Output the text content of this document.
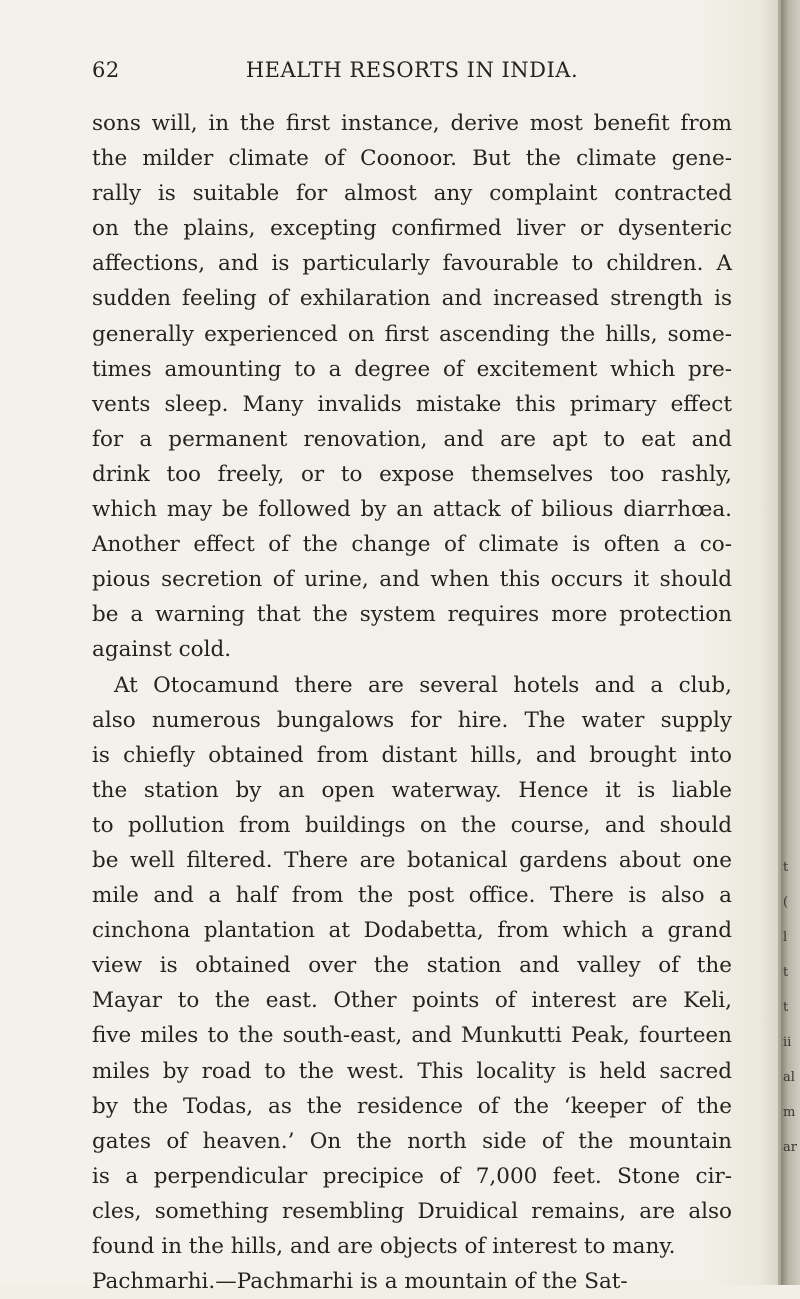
62	HEALTH RESORTS IN INDIA.
sons will, in the first instance, derive most benefit from
the milder climate of Coonoor. But the climate gene-
rally is suitable for almost any complaint contracted
on the plains, excepting confirmed liver or dysenteric
affections, and is particularly favourable to children. A
sudden feeling of exhilaration and increased strength is
generally experienced on first ascending the hills, some-
times amounting to a degree of excitement which pre-
vents sleep. Many invalids mistake this primary effect
for a permanent renovation, and are apt to eat and
drink too freely, or to expose themselves too rashly,
which may be followed by an attack of bilious diarrhœa.
Another effect of the change of climate is often a co-
pious secretion of urine, and when this occurs it should
be a warning that the system requires more protection
against cold.
At Otocamund there are several hotels and a club,
also numerous bungalows for hire. The water supply
is chiefly obtained from distant hills, and brought into
the station by an open waterway. Hence it is liable
to pollution from buildings on the course, and should
be well filtered. There are botanical gardens about one
mile and a half from the post office. There is also a
cinchona plantation at Dodabetta, from which a grand
view is obtained over the station and valley of the
Mayar to the east. Other points of interest are Keli,
five miles to the south-east, and Munkutti Peak, fourteen
miles by road to the west. This locality is held sacred
by the Todas, as the residence of the ‘keeper of the
gates of heaven.’ On the north side of the mountain
is a perpendicular precipice of 7,000 feet. Stone cir-
cles, something resembling Druidical remains, are also
found in the hills, and are objects of interest to many.
Pachmarhi.—Pachmarhi is a mountain of the Sat-
t
(
l
t
t
ii
al
m
ar
